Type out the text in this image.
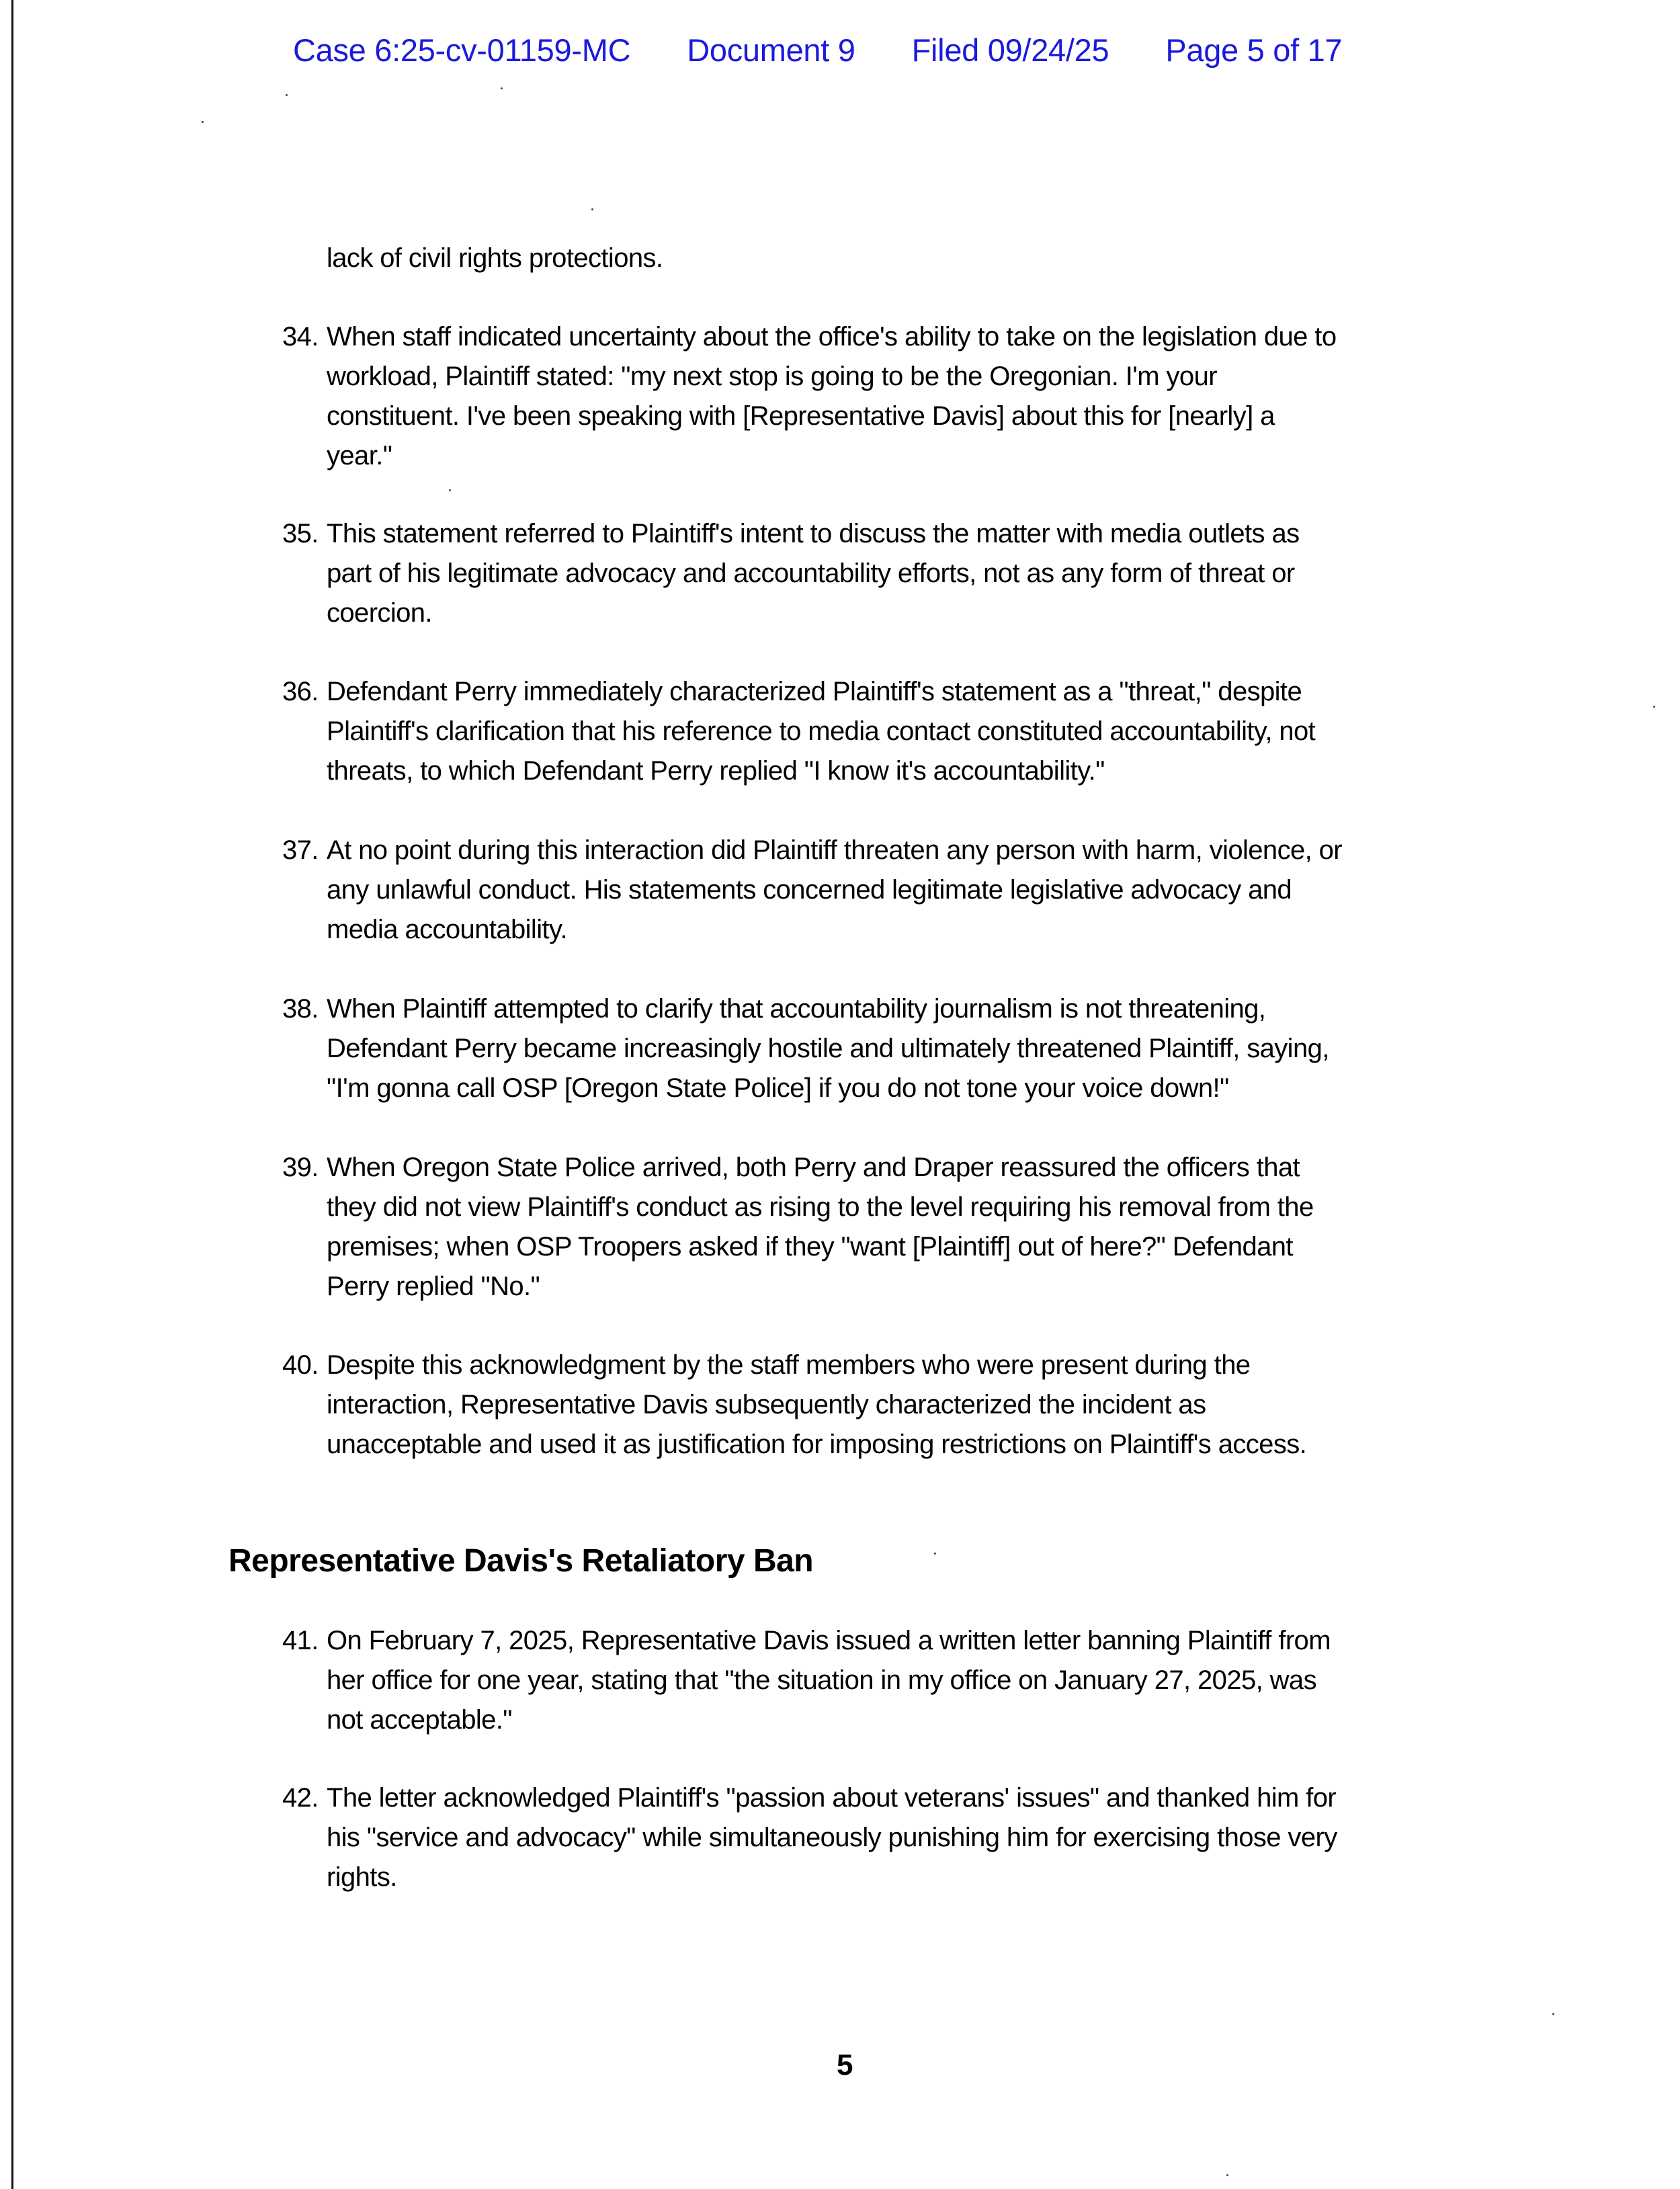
Case 6:25-cv-01159-MC Document 9 Filed 09/24/25 Page 5 of 17
lack of civil rights protections.
34. When staff indicated uncertainty about the office's ability to take on the legislation due to
workload, Plaintiff stated: "my next stop is going to be the Oregonian. I'm your
constituent. I've been speaking with [Representative Davis] about this for [nearly] a
year."
35. This statement referred to Plaintiff's intent to discuss the matter with media outlets as
part of his legitimate advocacy and accountability efforts, not as any form of threat or
coercion.
36. Defendant Perry immediately characterized Plaintiff's statement as a "threat," despite
Plaintiff's clarification that his reference to media contact constituted accountability, not
threats, to which Defendant Perry replied "I know it's accountability."
37. At no point during this interaction did Plaintiff threaten any person with harm, violence, or
any unlawful conduct. His statements concerned legitimate legislative advocacy and
media accountability.
38. When Plaintiff attempted to clarify that accountability journalism is not threatening,
Defendant Perry became increasingly hostile and ultimately threatened Plaintiff, saying,
"I'm gonna call OSP [Oregon State Police] if you do not tone your voice down!"
39. When Oregon State Police arrived, both Perry and Draper reassured the officers that
they did not view Plaintiff's conduct as rising to the level requiring his removal from the
premises; when OSP Troopers asked if they "want [Plaintiff] out of here?" Defendant
Perry replied "No."
40. Despite this acknowledgment by the staff members who were present during the
interaction, Representative Davis subsequently characterized the incident as
unacceptable and used it as justification for imposing restrictions on Plaintiff's access.
Representative Davis's Retaliatory Ban
41. On February 7, 2025, Representative Davis issued a written letter banning Plaintiff from
her office for one year, stating that "the situation in my office on January 27, 2025, was
not acceptable."
42. The letter acknowledged Plaintiff's "passion about veterans' issues" and thanked him for
his "service and advocacy" while simultaneously punishing him for exercising those very
rights.
5
